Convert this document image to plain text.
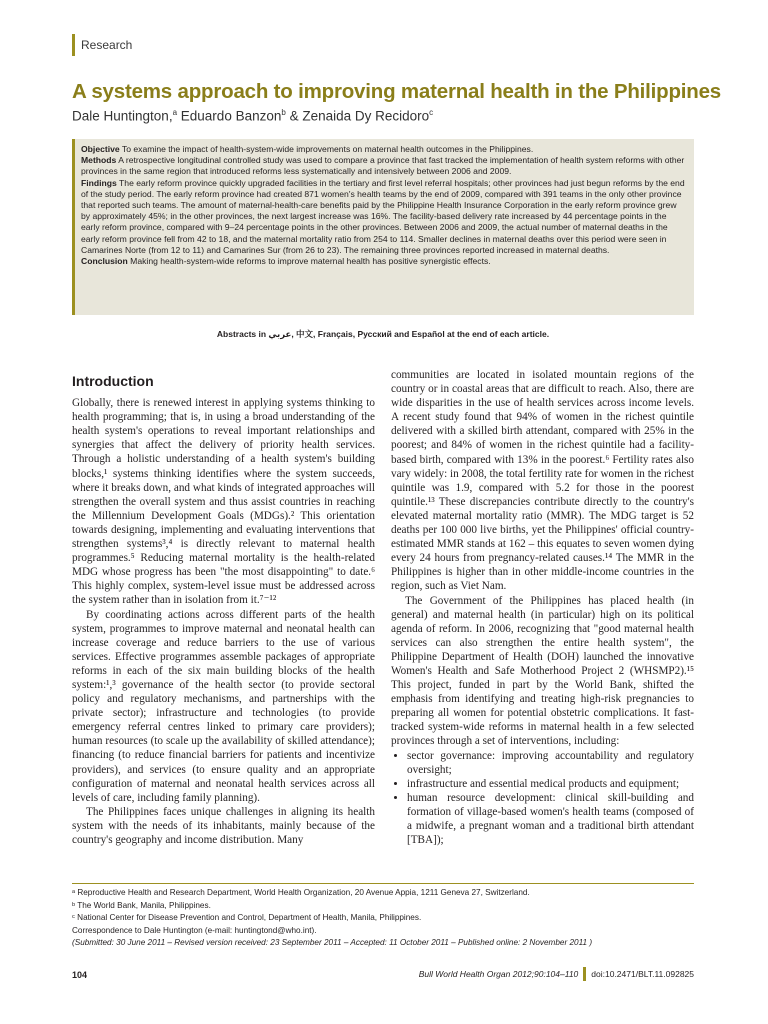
Research
A systems approach to improving maternal health in the Philippines
Dale Huntington,$^a$ Eduardo Banzon$^b$ & Zenaida Dy Recidoro$^c$
Objective To examine the impact of health-system-wide improvements on maternal health outcomes in the Philippines.
Methods A retrospective longitudinal controlled study was used to compare a province that fast tracked the implementation of health system reforms with other provinces in the same region that introduced reforms less systematically and intensively between 2006 and 2009.
Findings The early reform province quickly upgraded facilities in the tertiary and first level referral hospitals; other provinces had just begun reforms by the end of the study period. The early reform province had created 871 women's health teams by the end of 2009, compared with 391 teams in the only other province that reported such teams. The amount of maternal-health-care benefits paid by the Philippine Health Insurance Corporation in the early reform province grew by approximately 45%; in the other provinces, the next largest increase was 16%. The facility-based delivery rate increased by 44 percentage points in the early reform province, compared with 9–24 percentage points in the other provinces. Between 2006 and 2009, the actual number of maternal deaths in the early reform province fell from 42 to 18, and the maternal mortality ratio from 254 to 114. Smaller declines in maternal deaths over this period were seen in Camarines Norte (from 12 to 11) and Camarines Sur (from 26 to 23). The remaining three provinces reported increased in maternal deaths.
Conclusion Making health-system-wide reforms to improve maternal health has positive synergistic effects.
Abstracts in عربي, 中文, Français, Русский and Español at the end of each article.
Introduction

Globally, there is renewed interest in applying systems thinking to health programming; that is, in using a broad understanding of the health system's operations to reveal important relationships and synergies that affect the delivery of priority health services. Through a holistic understanding of a health system's building blocks,¹ systems thinking identifies where the system succeeds, where it breaks down, and what kinds of integrated approaches will strengthen the overall system and thus assist countries in reaching the Millennium Development Goals (MDGs).² This orientation towards designing, implementing and evaluating interventions that strengthen systems³,⁴ is directly relevant to maternal health programmes.⁵ Reducing maternal mortality is the health-related MDG whose progress has been "the most disappointing" to date.⁶ This highly complex, system-level issue must be addressed across the system rather than in isolation from it.⁷⁻¹²

By coordinating actions across different parts of the health system, programmes to improve maternal and neonatal health can increase coverage and reduce barriers to the use of various services. Effective programmes assemble packages of appropriate reforms in each of the six main building blocks of the health system:¹,³ governance of the health sector (to provide sectoral policy and regulatory mechanisms, and partnerships with the private sector); infrastructure and technologies (to provide emergency referral centres linked to primary care providers); human resources (to scale up the availability of skilled attendance); financing (to reduce financial barriers for patients and incentivize providers), and services (to ensure quality and an appropriate configuration of maternal and neonatal health services across all levels of care, including family planning).

The Philippines faces unique challenges in aligning its health system with the needs of its inhabitants, mainly because of the country's geography and income distribution. Many

communities are located in isolated mountain regions of the country or in coastal areas that are difficult to reach. Also, there are wide disparities in the use of health services across income levels. A recent study found that 94% of women in the richest quintile delivered with a skilled birth attendant, compared with 25% in the poorest; and 84% of women in the richest quintile had a facility-based birth, compared with 13% in the poorest.⁶ Fertility rates also vary widely: in 2008, the total fertility rate for women in the richest quintile was 1.9, compared with 5.2 for those in the poorest quintile.¹³ These discrepancies contribute directly to the country's elevated maternal mortality ratio (MMR). The MDG target is 52 deaths per 100 000 live births, yet the Philippines' official country-estimated MMR stands at 162 – this equates to seven women dying every 24 hours from pregnancy-related causes.¹⁴ The MMR in the Philippines is higher than in other middle-income countries in the region, such as Viet Nam.

The Government of the Philippines has placed health (in general) and maternal health (in particular) high on its political agenda of reform. In 2006, recognizing that "good maternal health services can also strengthen the entire health system", the Philippine Department of Health (DOH) launched the innovative Women's Health and Safe Motherhood Project 2 (WHSMP2).¹⁵ This project, funded in part by the World Bank, shifted the emphasis from identifying and treating high-risk pregnancies to preparing all women for potential obstetric complications. It fast-tracked system-wide reforms in maternal health in a few selected provinces through a set of interventions, including:

• sector governance: improving accountability and regulatory oversight;
• infrastructure and essential medical products and equipment;
• human resource development: clinical skill-building and formation of village-based women's health teams (composed of a midwife, a pregnant woman and a traditional birth attendant [TBA]);
ᵃ Reproductive Health and Research Department, World Health Organization, 20 Avenue Appia, 1211 Geneva 27, Switzerland.
ᵇ The World Bank, Manila, Philippines.
ᶜ National Center for Disease Prevention and Control, Department of Health, Manila, Philippines.
Correspondence to Dale Huntington (e-mail: huntingtond@who.int).
(Submitted: 30 June 2011 – Revised version received: 23 September 2011 – Accepted: 11 October 2011 – Published online: 2 November 2011 )
104	Bull World Health Organ 2012;90:104–110 doi:10.2471/BLT.11.092825
